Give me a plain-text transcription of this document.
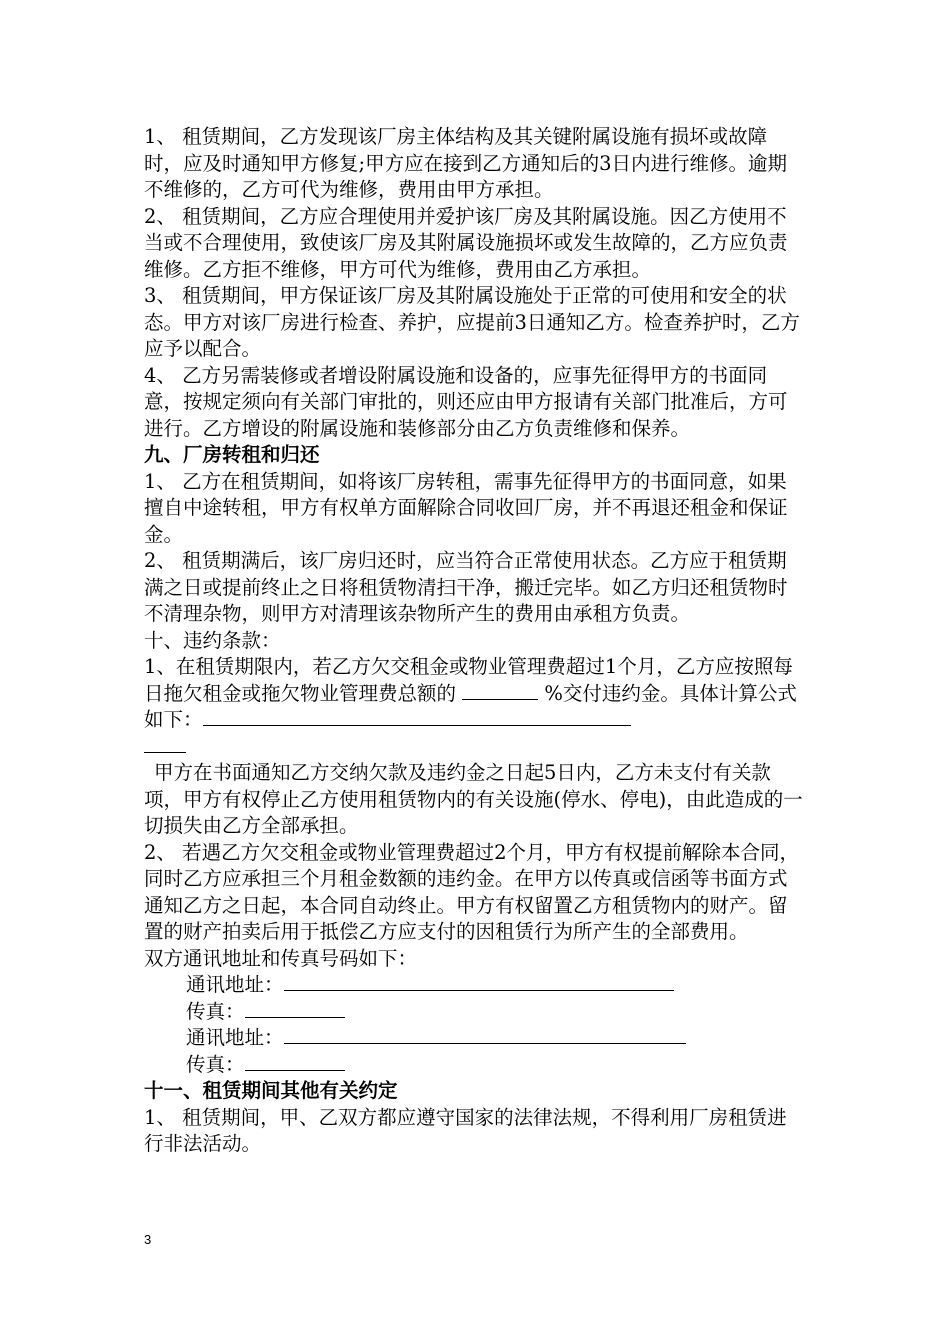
1、 租赁期间，乙方发现该厂房主体结构及其关键附属设施有损坏或故障时，应及时通知甲方修复;甲方应在接到乙方通知后的3日内进行维修。逾期不维修的，乙方可代为维修，费用由甲方承担。

2、 租赁期间，乙方应合理使用并爱护该厂房及其附属设施。因乙方使用不当或不合理使用，致使该厂房及其附属设施损坏或发生故障的，乙方应负责维修。乙方拒不维修，甲方可代为维修，费用由乙方承担。

3、 租赁期间，甲方保证该厂房及其附属设施处于正常的可使用和安全的状态。甲方对该厂房进行检查、养护，应提前3日通知乙方。检查养护时，乙方应予以配合。

4、 乙方另需装修或者增设附属设施和设备的，应事先征得甲方的书面同意，按规定须向有关部门审批的，则还应由甲方报请有关部门批准后，方可进行。乙方增设的附属设施和装修部分由乙方负责维修和保养。

九、厂房转租和归还

1、 乙方在租赁期间，如将该厂房转租，需事先征得甲方的书面同意，如果擅自中途转租，甲方有权单方面解除合同收回厂房，并不再退还租金和保证金。

2、 租赁期满后，该厂房归还时，应当符合正常使用状态。乙方应于租赁期满之日或提前终止之日将租赁物清扫干净，搬迁完毕。如乙方归还租赁物时不清理杂物，则甲方对清理该杂物所产生的费用由承租方负责。

十、违约条款：

1、在租赁期限内，若乙方欠交租金或物业管理费超过1个月，乙方应按照每日拖欠租金或拖欠物业管理费总额的	%交付违约金。具体计算公式如下：

甲方在书面通知乙方交纳欠款及违约金之日起5日内，乙方未支付有关款项，甲方有权停止乙方使用租赁物内的有关设施(停水、停电)，由此造成的一切损失由乙方全部承担。

2、 若遇乙方欠交租金或物业管理费超过2个月，甲方有权提前解除本合同，同时乙方应承担三个月租金数额的违约金。在甲方以传真或信函等书面方式通知乙方之日起，本合同自动终止。甲方有权留置乙方租赁物内的财产。留置的财产拍卖后用于抵偿乙方应支付的因租赁行为所产生的全部费用。

双方通讯地址和传真号码如下：

通讯地址：

传真：

通讯地址：

传真：

十一、租赁期间其他有关约定

1、 租赁期间，甲、乙双方都应遵守国家的法律法规，不得利用厂房租赁进行非法活动。

3
